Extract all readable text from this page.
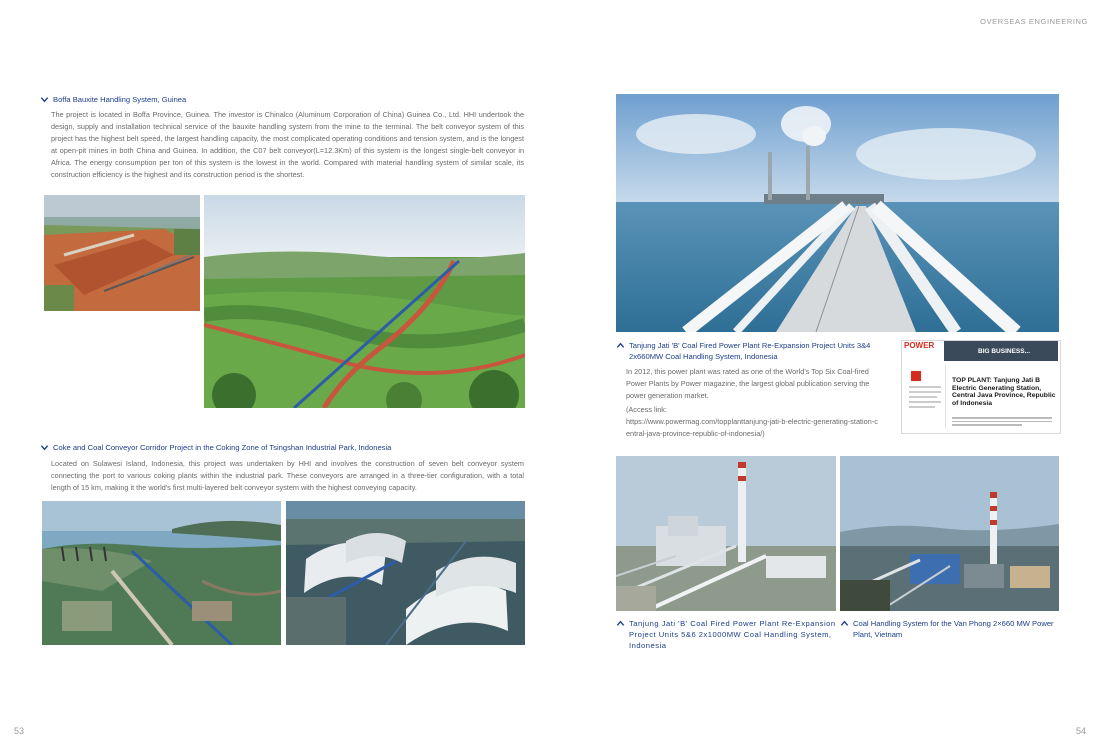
OVERSEAS ENGINEERING
53	54
Boffa Bauxite Handling System, Guinea
The project is located in Boffa Province, Guinea. The investor is Chinalco (Aluminum Corporation of China) Guinea Co., Ltd. HHI undertook the design, supply and installation technical service of the bauxite handling system from the mine to the terminal. The belt conveyor system of this project has the highest belt speed, the largest handling capacity, the most complicated operating conditions and tension system, and is the longest at open-pit mines in both China and Guinea. In addition, the C07 belt conveyor(L=12.3Km) of this system is the longest single-belt conveyor in Africa. The energy consumption per ton of this system is the lowest in the world. Compared with material handling system of similar scale, its construction efficiency is the highest and its construction period is the shortest.
Coke and Coal Conveyor Corridor Project in the Coking Zone of Tsingshan Industrial Park, Indonesia
Located on Sulawesi Island, Indonesia, this project was undertaken by HHI and involves the construction of seven belt conveyor system connecting the port to various coking plants within the industrial park. These conveyors are arranged in a three-tier configuration, with a total length of 15 km, making it the world's first multi-layered belt conveyor system with the highest conveying capacity.
Tanjung Jati 'B' Coal Fired Power Plant Re-Expansion Project Units 3&4 2x660MW Coal Handling System, Indonesia
In 2012, this power plant was rated as one of the World's Top Six Coal-fired Power Plants by Power magazine, the largest global publication serving the power generation market.
(Access link:
https://www.powermag.com/topplanttanjung-jati-b-electric-generating-station-central-java-province-republic-of-indonesia/)
POWER
BIG BUSINESS...
TOP PLANT: Tanjung Jati B Electric Generating Station, Central Java Province, Republic of Indonesia
Tanjung Jati 'B' Coal Fired Power Plant Re-Expansion Project Units 5&6 2x1000MW Coal Handling System, Indonesia
Coal Handling System for the Van Phong 2×660 MW Power Plant, Vietnam
